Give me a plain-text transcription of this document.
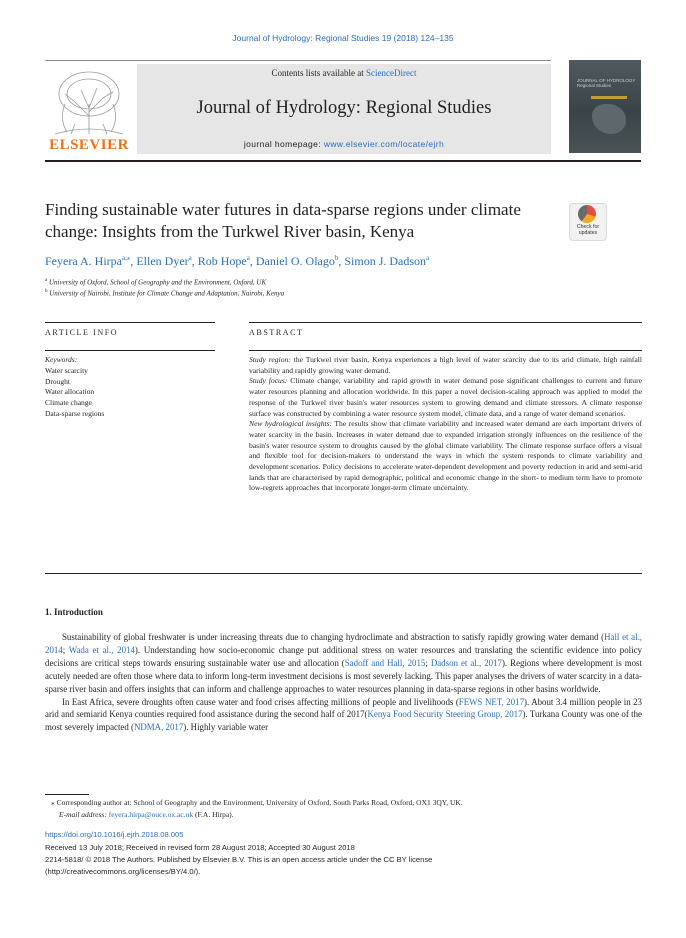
Journal of Hydrology: Regional Studies 19 (2018) 124–135
ELSEVIER
Contents lists available at ScienceDirect
Journal of Hydrology: Regional Studies
journal homepage: www.elsevier.com/locate/ejrh
JOURNAL OF HYDROLOGY Regional Studies
Finding sustainable water futures in data-sparse regions under climate change: Insights from the Turkwel River basin, Kenya	Check for updates
Feyera A. Hirpa$^{a,⁎}$, Ellen Dyer$^a$, Rob Hope$^a$, Daniel O. Olago$^b$, Simon J. Dadson$^a$
$^a$ University of Oxford, School of Geography and the Environment, Oxford, UK
$^b$ University of Nairobi, Institute for Climate Change and Adaptation, Nairobi, Kenya
ARTICLE INFO	ABSTRACT
Keywords:
Water scarcity
Drought
Water allocation
Climate change
Data-sparse regions

Study region: the Turkwel river basin, Kenya experiences a high level of water scarcity due to its arid climate, high rainfall variability and rapidly growing water demand.

Study focus: Climate change, variability and rapid growth in water demand pose significant challenges to current and future water resources planning and allocation worldwide. In this paper a novel decision-scaling approach was applied to model the response of the Turkwel river basin's water resources system to growing demand and climate stressors. A climate response surface was constructed by combining a water resource system model, climate data, and a range of water demand scenarios.

New hydrological insights: The results show that climate variability and increased water demand are each important drivers of water scarcity in the basin. Increases in water demand due to expanded irrigation strongly influences on the resilience of the basin's water resource system to droughts caused by the global climate variability. The climate response surface offers a visual and flexible tool for decision-makers to understand the ways in which the system responds to climate variability and development scenarios. Policy decisions to accelerate water-dependent development and poverty reduction in arid and semi-arid lands that are characterised by rapid demographic, political and economic change in the short- to medium term have to promote low-regrets approaches that incorporate longer-term climate uncertainty.

1. Introduction

Sustainability of global freshwater is under increasing threats due to changing hydroclimate and abstraction to satisfy rapidly growing water demand (Hall et al., 2014; Wada et al., 2014). Understanding how socio-economic change put additional stress on water resources and translating the scientific evidence into policy decisions are critical steps towards ensuring sustainable water use and allocation (Sadoff and Hall, 2015; Dadson et al., 2017). Regions where development is most acutely needed are often those where data to inform long-term investment decisions is most severely lacking. This paper analyses the drivers of water scarcity in a data-sparse river basin and offers insights that can inform and challenge approaches to water resources planning in data-sparse regions in other basins worldwide.

In East Africa, severe droughts often cause water and food crises affecting millions of people and livelihoods (FEWS NET, 2017). About 3.4 million people in 23 arid and semiarid Kenya counties required food assistance during the second half of 2017(Kenya Food Security Steering Group, 2017). Turkana County was one of the most severely impacted (NDMA, 2017). Highly variable water

⁎ Corresponding author at: School of Geography and the Environment, University of Oxford, South Parks Road, Oxford, OX1 3QY, UK.
E-mail address: feyera.hirpa@ouce.ox.ac.uk (F.A. Hirpa).
https://doi.org/10.1016/j.ejrh.2018.08.005
Received 13 July 2018; Received in revised form 28 August 2018; Accepted 30 August 2018
2214-5818/ © 2018 The Authors. Published by Elsevier B.V. This is an open access article under the CC BY license
(http://creativecommons.org/licenses/BY/4.0/).
